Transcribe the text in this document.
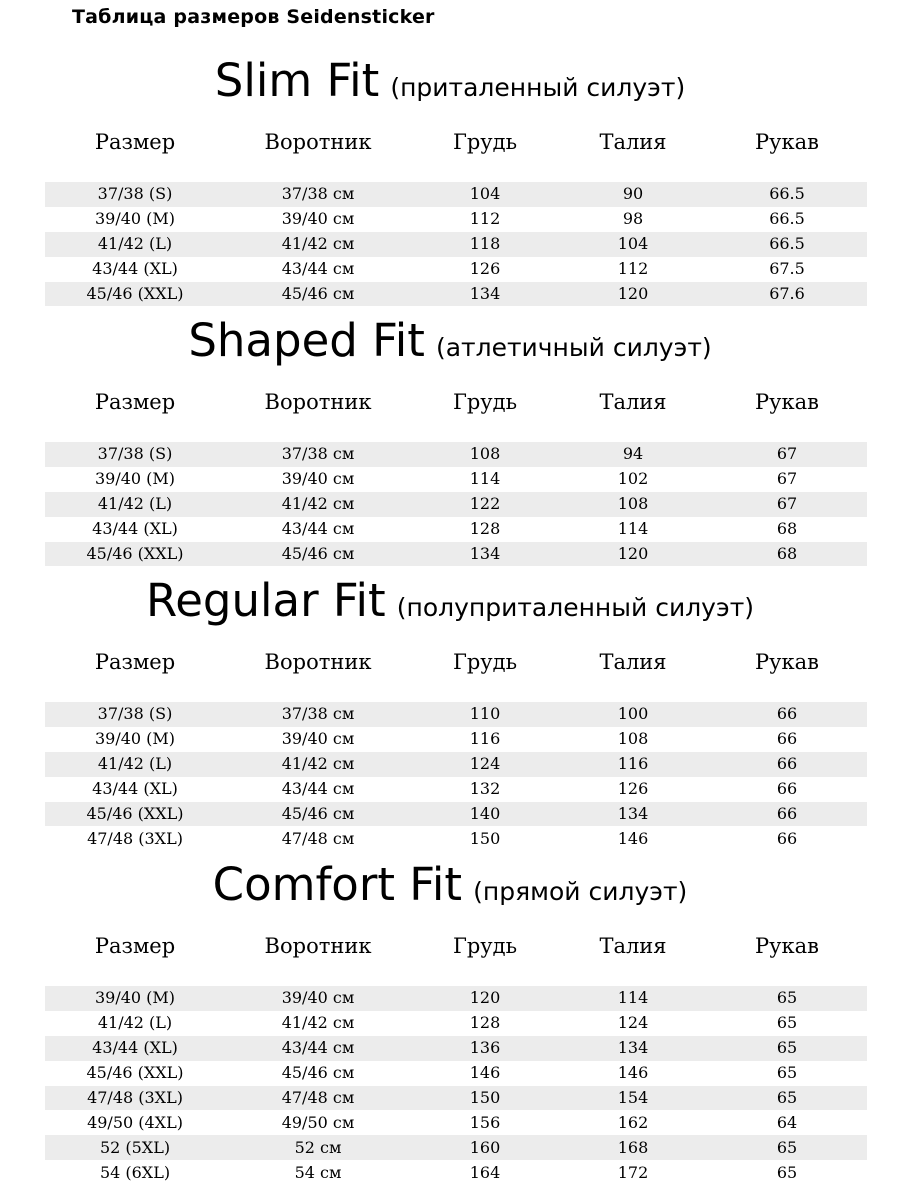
Таблица размеров Seidensticker
Slim Fit (приталенный силуэт)
Размер	Воротник	Грудь	Талия	Рукав
37/38 (S)	37/38 см	104	90	66.5
39/40 (M)	39/40 см	112	98	66.5
41/42 (L)	41/42 см	118	104	66.5
43/44 (XL)	43/44 см	126	112	67.5
45/46 (XXL)	45/46 см	134	120	67.6
Shaped Fit (атлетичный силуэт)
Размер	Воротник	Грудь	Талия	Рукав
37/38 (S)	37/38 см	108	94	67
39/40 (M)	39/40 см	114	102	67
41/42 (L)	41/42 см	122	108	67
43/44 (XL)	43/44 см	128	114	68
45/46 (XXL)	45/46 см	134	120	68
Regular Fit (полуприталенный силуэт)
Размер	Воротник	Грудь	Талия	Рукав
37/38 (S)	37/38 см	110	100	66
39/40 (M)	39/40 см	116	108	66
41/42 (L)	41/42 см	124	116	66
43/44 (XL)	43/44 см	132	126	66
45/46 (XXL)	45/46 см	140	134	66
47/48 (3XL)	47/48 см	150	146	66
Comfort Fit (прямой силуэт)
Размер	Воротник	Грудь	Талия	Рукав
39/40 (M)	39/40 см	120	114	65
41/42 (L)	41/42 см	128	124	65
43/44 (XL)	43/44 см	136	134	65
45/46 (XXL)	45/46 см	146	146	65
47/48 (3XL)	47/48 см	150	154	65
49/50 (4XL)	49/50 см	156	162	64
52 (5XL)	52 см	160	168	65
54 (6XL)	54 см	164	172	65
